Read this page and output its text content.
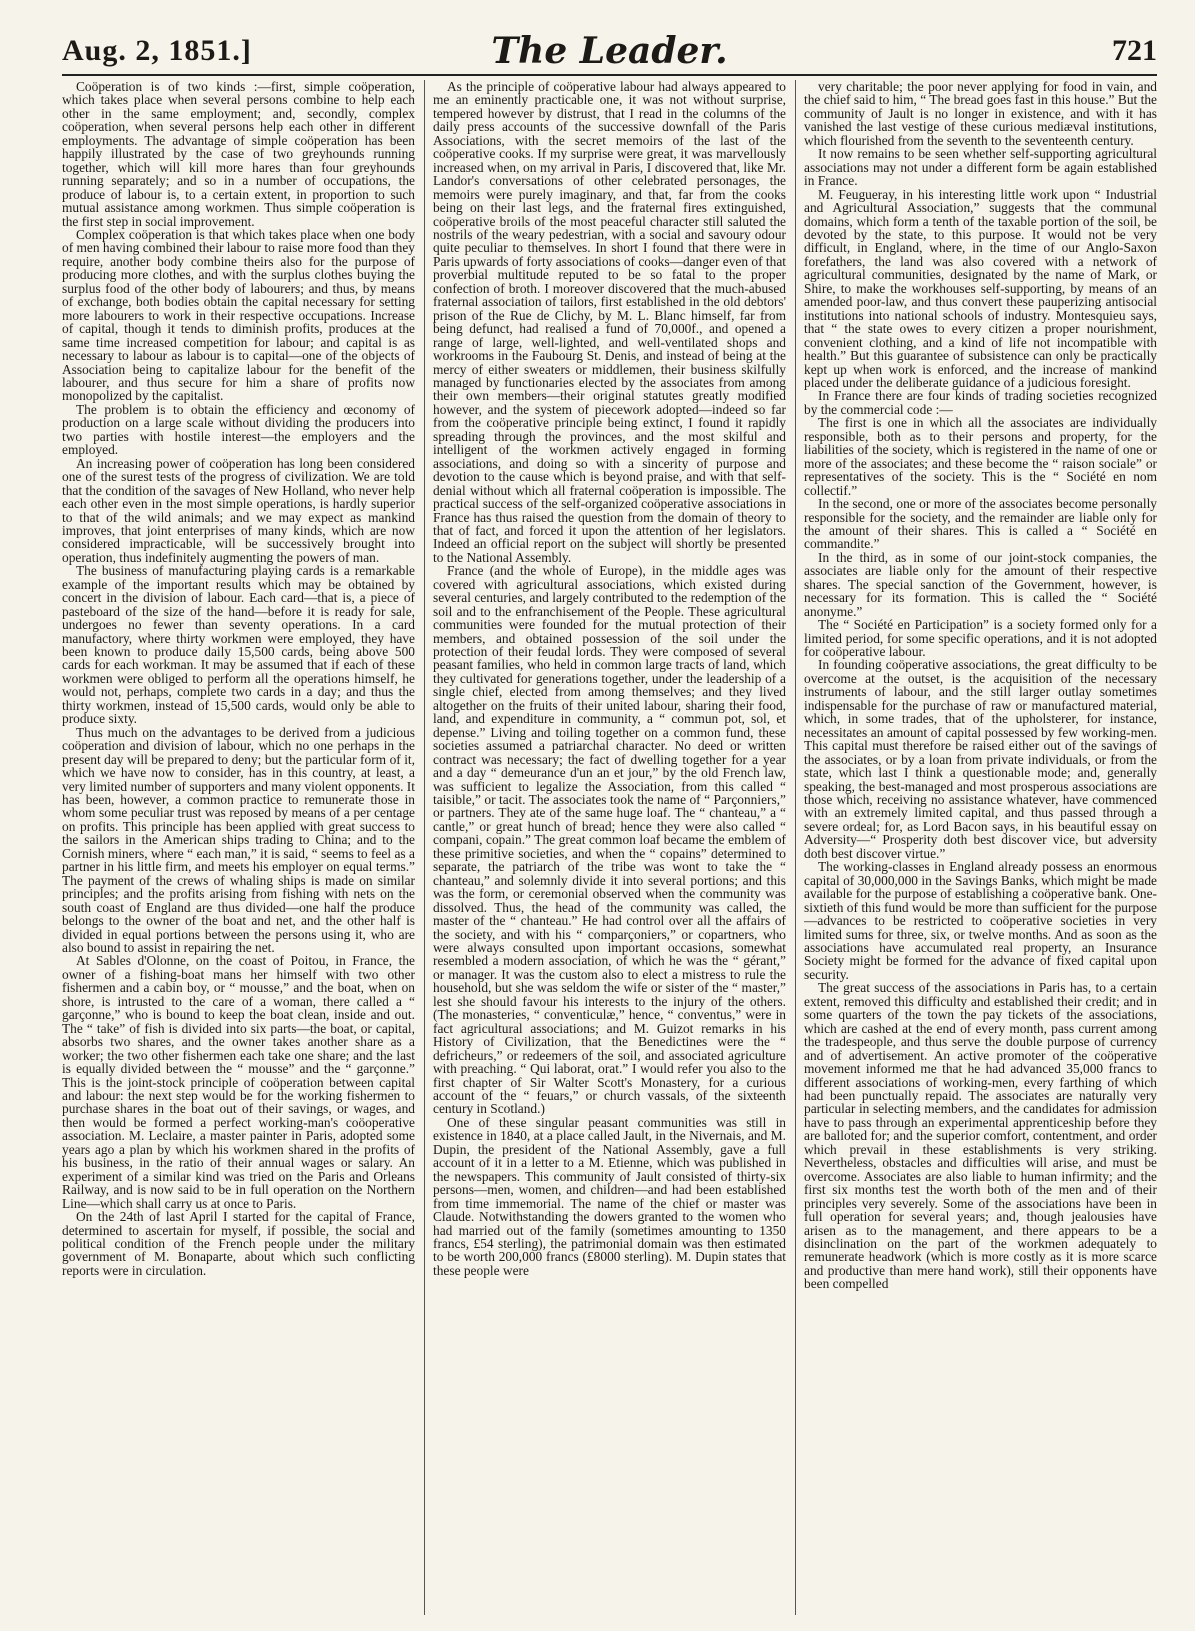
Aug. 2, 1851.]	The Leader.	721

Coöperation is of two kinds :—first, simple coöperation, which takes place when several persons combine to help each other in the same employment; and, secondly, complex coöperation, when several persons help each other in different employments. The advantage of simple coöperation has been happily illustrated by the case of two greyhounds running together, which will kill more hares than four greyhounds running separately; and so in a number of occupations, the produce of labour is, to a certain extent, in proportion to such mutual assistance among workmen. Thus simple coöperation is the first step in social improvement.

Complex coöperation is that which takes place when one body of men having combined their labour to raise more food than they require, another body combine theirs also for the purpose of producing more clothes, and with the surplus clothes buying the surplus food of the other body of labourers; and thus, by means of exchange, both bodies obtain the capital necessary for setting more labourers to work in their respective occupations. Increase of capital, though it tends to diminish profits, produces at the same time increased competition for labour; and capital is as necessary to labour as labour is to capital—one of the objects of Association being to capitalize labour for the benefit of the labourer, and thus secure for him a share of profits now monopolized by the capitalist.

The problem is to obtain the efficiency and œconomy of production on a large scale without dividing the producers into two parties with hostile interest—the employers and the employed.

An increasing power of coöperation has long been considered one of the surest tests of the progress of civilization. We are told that the condition of the savages of New Holland, who never help each other even in the most simple operations, is hardly superior to that of the wild animals; and we may expect as mankind improves, that joint enterprises of many kinds, which are now considered impracticable, will be successively brought into operation, thus indefinitely augmenting the powers of man.

The business of manufacturing playing cards is a remarkable example of the important results which may be obtained by concert in the division of labour. Each card—that is, a piece of pasteboard of the size of the hand—before it is ready for sale, undergoes no fewer than seventy operations. In a card manufactory, where thirty workmen were employed, they have been known to produce daily 15,500 cards, being above 500 cards for each workman. It may be assumed that if each of these workmen were obliged to perform all the operations himself, he would not, perhaps, complete two cards in a day; and thus the thirty workmen, instead of 15,500 cards, would only be able to produce sixty.

Thus much on the advantages to be derived from a judicious coöperation and division of labour, which no one perhaps in the present day will be prepared to deny; but the particular form of it, which we have now to consider, has in this country, at least, a very limited number of supporters and many violent opponents. It has been, however, a common practice to remunerate those in whom some peculiar trust was reposed by means of a per centage on profits. This principle has been applied with great success to the sailors in the American ships trading to China; and to the Cornish miners, where “ each man,” it is said, “ seems to feel as a partner in his little firm, and meets his employer on equal terms.” The payment of the crews of whaling ships is made on similar principles; and the profits arising from fishing with nets on the south coast of England are thus divided—one half the produce belongs to the owner of the boat and net, and the other half is divided in equal portions between the persons using it, who are also bound to assist in repairing the net.

At Sables d'Olonne, on the coast of Poitou, in France, the owner of a fishing-boat mans her himself with two other fishermen and a cabin boy, or “ mousse,” and the boat, when on shore, is intrusted to the care of a woman, there called a “ garçonne,” who is bound to keep the boat clean, inside and out. The “ take” of fish is divided into six parts—the boat, or capital, absorbs two shares, and the owner takes another share as a worker; the two other fishermen each take one share; and the last is equally divided between the “ mousse” and the “ garçonne.” This is the joint-stock principle of coöperation between capital and labour: the next step would be for the working fishermen to purchase shares in the boat out of their savings, or wages, and then would be formed a perfect working-man's coöoperative association. M. Leclaire, a master painter in Paris, adopted some years ago a plan by which his workmen shared in the profits of his business, in the ratio of their annual wages or salary. An experiment of a similar kind was tried on the Paris and Orleans Railway, and is now said to be in full operation on the Northern Line—which shall carry us at once to Paris.

On the 24th of last April I started for the capital of France, determined to ascertain for myself, if possible, the social and political condition of the French people under the military government of M. Bonaparte, about which such conflicting reports were in circulation.

As the principle of coöperative labour had always appeared to me an eminently practicable one, it was not without surprise, tempered however by distrust, that I read in the columns of the daily press accounts of the successive downfall of the Paris Associations, with the secret memoirs of the last of the coöperative cooks. If my surprise were great, it was marvellously increased when, on my arrival in Paris, I discovered that, like Mr. Landor's conversations of other celebrated personages, the memoirs were purely imaginary, and that, far from the cooks being on their last legs, and the fraternal fires extinguished, coöperative broils of the most peaceful character still saluted the nostrils of the weary pedestrian, with a social and savoury odour quite peculiar to themselves. In short I found that there were in Paris upwards of forty associations of cooks—danger even of that proverbial multitude reputed to be so fatal to the proper confection of broth. I moreover discovered that the much-abused fraternal association of tailors, first established in the old debtors' prison of the Rue de Clichy, by M. L. Blanc himself, far from being defunct, had realised a fund of 70,000f., and opened a range of large, well-lighted, and well-ventilated shops and workrooms in the Faubourg St. Denis, and instead of being at the mercy of either sweaters or middlemen, their business skilfully managed by functionaries elected by the associates from among their own members—their original statutes greatly modified however, and the system of piecework adopted—indeed so far from the coöperative principle being extinct, I found it rapidly spreading through the provinces, and the most skilful and intelligent of the workmen actively engaged in forming associations, and doing so with a sincerity of purpose and devotion to the cause which is beyond praise, and with that self-denial without which all fraternal coöperation is impossible. The practical success of the self-organized coöperative associations in France has thus raised the question from the domain of theory to that of fact, and forced it upon the attention of her legislators. Indeed an official report on the subject will shortly be presented to the National Assembly.

France (and the whole of Europe), in the middle ages was covered with agricultural associations, which existed during several centuries, and largely contributed to the redemption of the soil and to the enfranchisement of the People. These agricultural communities were founded for the mutual protection of their members, and obtained possession of the soil under the protection of their feudal lords. They were composed of several peasant families, who held in common large tracts of land, which they cultivated for generations together, under the leadership of a single chief, elected from among themselves; and they lived altogether on the fruits of their united labour, sharing their food, land, and expenditure in community, a “ commun pot, sol, et depense.” Living and toiling together on a common fund, these societies assumed a patriarchal character. No deed or written contract was necessary; the fact of dwelling together for a year and a day “ demeurance d'un an et jour,” by the old French law, was sufficient to legalize the Association, from this called “ taisible,” or tacit. The associates took the name of “ Parçonniers,” or partners. They ate of the same huge loaf. The “ chanteau,” a “ cantle,” or great hunch of bread; hence they were also called “ compani, copain.” The great common loaf became the emblem of these primitive societies, and when the “ copains” determined to separate, the patriarch of the tribe was wont to take the “ chanteau,” and solemnly divide it into several portions; and this was the form, or ceremonial observed when the community was dissolved. Thus, the head of the community was called, the master of the “ chanteau.” He had control over all the affairs of the society, and with his “ comparçoniers,” or copartners, who were always consulted upon important occasions, somewhat resembled a modern association, of which he was the “ gérant,” or manager. It was the custom also to elect a mistress to rule the household, but she was seldom the wife or sister of the “ master,” lest she should favour his interests to the injury of the others. (The monasteries, “ conventiculæ,” hence, “ conventus,” were in fact agricultural associations; and M. Guizot remarks in his History of Civilization, that the Benedictines were the “ defricheurs,” or redeemers of the soil, and associated agriculture with preaching. “ Qui laborat, orat.” I would refer you also to the first chapter of Sir Walter Scott's Monastery, for a curious account of the “ feuars,” or church vassals, of the sixteenth century in Scotland.)

One of these singular peasant communities was still in existence in 1840, at a place called Jault, in the Nivernais, and M. Dupin, the president of the National Assembly, gave a full account of it in a letter to a M. Etienne, which was published in the newspapers. This community of Jault consisted of thirty-six persons—men, women, and children—and had been established from time immemorial. The name of the chief or master was Claude. Notwithstanding the dowers granted to the women who had married out of the family (sometimes amounting to 1350 francs, £54 sterling), the patrimonial domain was then estimated to be worth 200,000 francs (£8000 sterling). M. Dupin states that these people were

very charitable; the poor never applying for food in vain, and the chief said to him, “ The bread goes fast in this house.” But the community of Jault is no longer in existence, and with it has vanished the last vestige of these curious mediæval institutions, which flourished from the seventh to the seventeenth century.

It now remains to be seen whether self-supporting agricultural associations may not under a different form be again established in France.

M. Feugueray, in his interesting little work upon “ Industrial and Agricultural Association,” suggests that the communal domains, which form a tenth of the taxable portion of the soil, be devoted by the state, to this purpose. It would not be very difficult, in England, where, in the time of our Anglo-Saxon forefathers, the land was also covered with a network of agricultural communities, designated by the name of Mark, or Shire, to make the workhouses self-supporting, by means of an amended poor-law, and thus convert these pauperizing antisocial institutions into national schools of industry. Montesquieu says, that “ the state owes to every citizen a proper nourishment, convenient clothing, and a kind of life not incompatible with health.” But this guarantee of subsistence can only be practically kept up when work is enforced, and the increase of mankind placed under the deliberate guidance of a judicious foresight.

In France there are four kinds of trading societies recognized by the commercial code :—

The first is one in which all the associates are individually responsible, both as to their persons and property, for the liabilities of the society, which is registered in the name of one or more of the associates; and these become the “ raison sociale” or representatives of the society. This is the “ Société en nom collectif.”

In the second, one or more of the associates become personally responsible for the society, and the remainder are liable only for the amount of their shares. This is called a “ Société en commandite.”

In the third, as in some of our joint-stock companies, the associates are liable only for the amount of their respective shares. The special sanction of the Government, however, is necessary for its formation. This is called the “ Société anonyme.”

The “ Société en Participation” is a society formed only for a limited period, for some specific operations, and it is not adopted for coöperative labour.

In founding coöperative associations, the great difficulty to be overcome at the outset, is the acquisition of the necessary instruments of labour, and the still larger outlay sometimes indispensable for the purchase of raw or manufactured material, which, in some trades, that of the upholsterer, for instance, necessitates an amount of capital possessed by few working-men. This capital must therefore be raised either out of the savings of the associates, or by a loan from private individuals, or from the state, which last I think a questionable mode; and, generally speaking, the best-managed and most prosperous associations are those which, receiving no assistance whatever, have commenced with an extremely limited capital, and thus passed through a severe ordeal; for, as Lord Bacon says, in his beautiful essay on Adversity—“ Prosperity doth best discover vice, but adversity doth best discover virtue.”

The working-classes in England already possess an enormous capital of 30,000,000 in the Savings Banks, which might be made available for the purpose of establishing a coöperative bank. One-sixtieth of this fund would be more than sufficient for the purpose—advances to be restricted to coöperative societies in very limited sums for three, six, or twelve months. And as soon as the associations have accumulated real property, an Insurance Society might be formed for the advance of fixed capital upon security.

The great success of the associations in Paris has, to a certain extent, removed this difficulty and established their credit; and in some quarters of the town the pay tickets of the associations, which are cashed at the end of every month, pass current among the tradespeople, and thus serve the double purpose of currency and of advertisement. An active promoter of the coöperative movement informed me that he had advanced 35,000 francs to different associations of working-men, every farthing of which had been punctually repaid. The associates are naturally very particular in selecting members, and the candidates for admission have to pass through an experimental apprenticeship before they are balloted for; and the superior comfort, contentment, and order which prevail in these establishments is very striking. Nevertheless, obstacles and difficulties will arise, and must be overcome. Associates are also liable to human infirmity; and the first six months test the worth both of the men and of their principles very severely. Some of the associations have been in full operation for several years; and, though jealousies have arisen as to the management, and there appears to be a disinclination on the part of the workmen adequately to remunerate headwork (which is more costly as it is more scarce and productive than mere hand work), still their opponents have been compelled
